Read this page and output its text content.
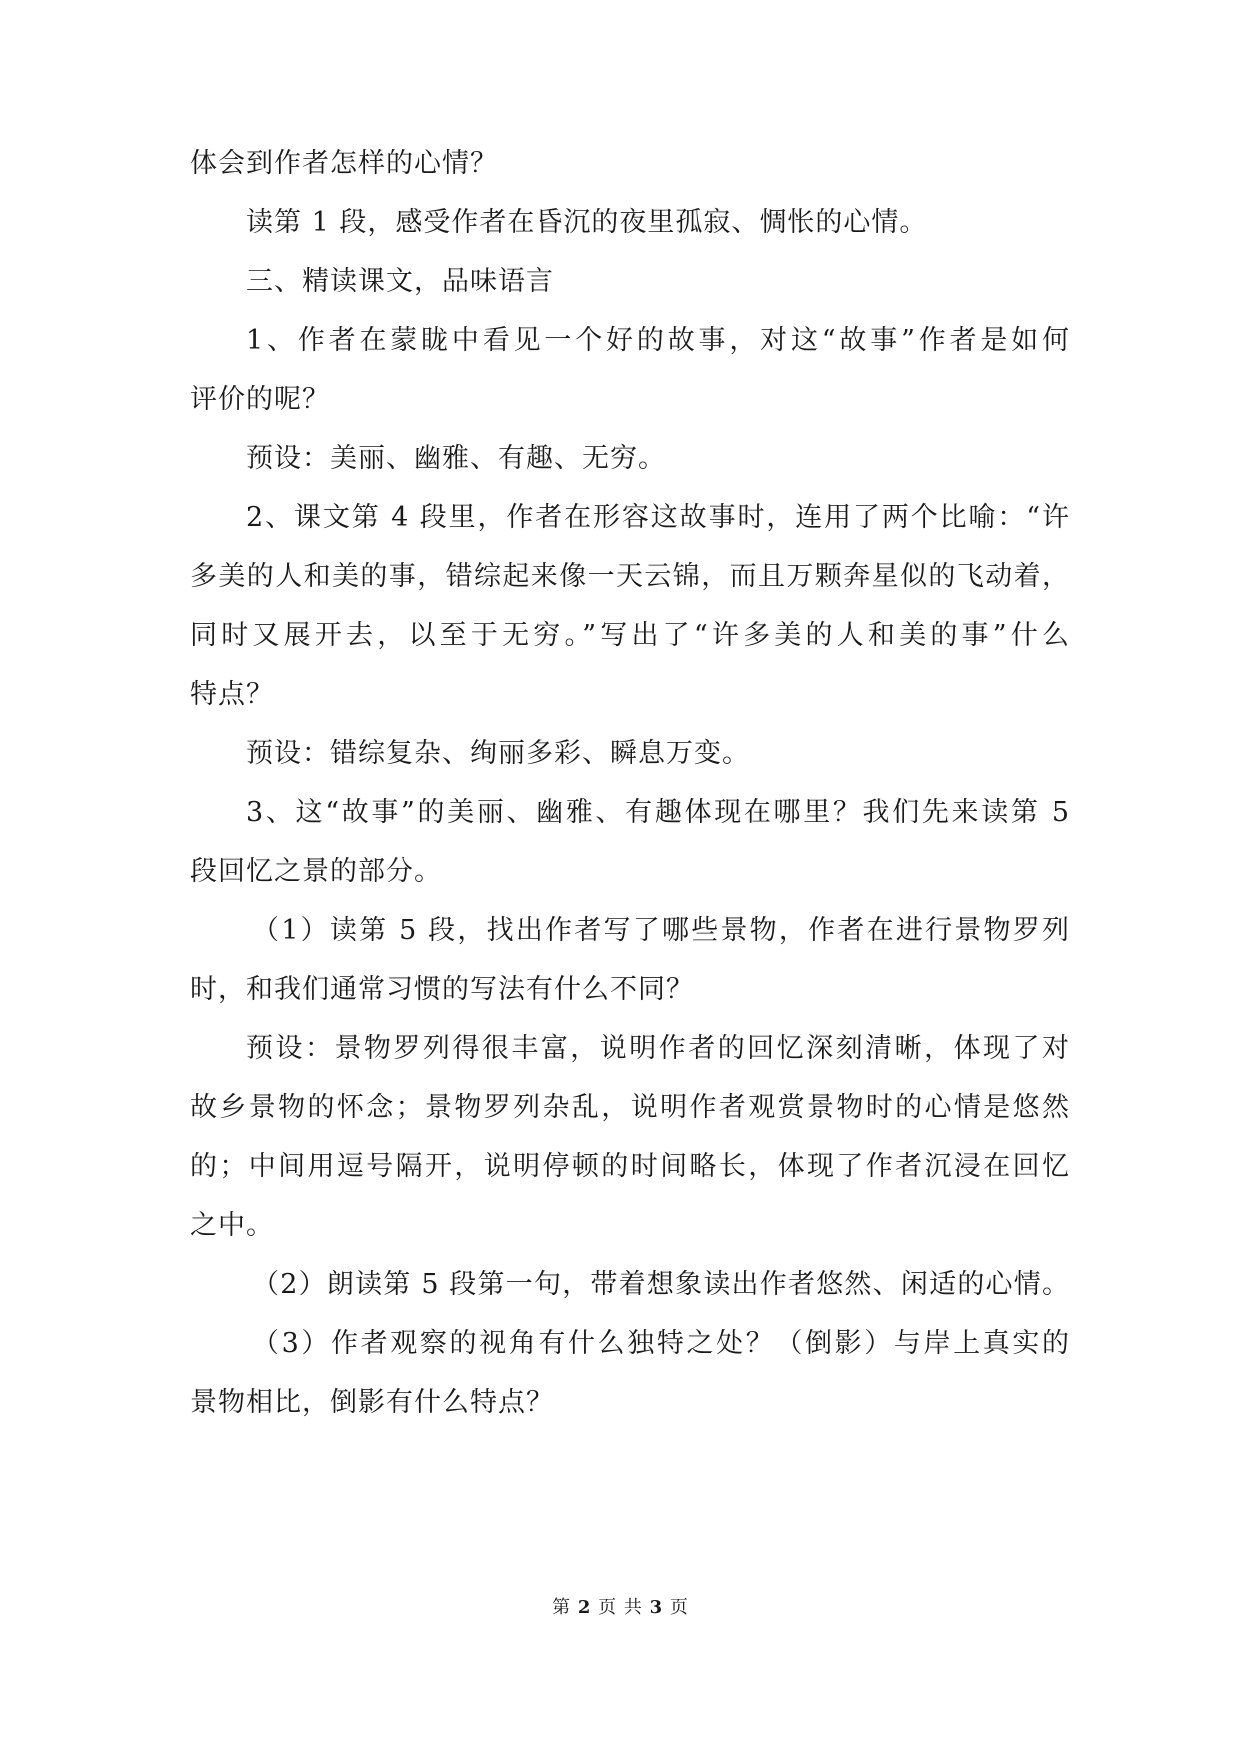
体会到作者怎样的心情？
读第 1 段，感受作者在昏沉的夜里孤寂、惆怅的心情。
三、精读课文，品味语言
1、作者在蒙眬中看见一个好的故事，对这“故事”作者是如何
评价的呢？
预设：美丽、幽雅、有趣、无穷。
2、课文第 4 段里，作者在形容这故事时，连用了两个比喻：“许
多美的人和美的事，错综起来像一天云锦，而且万颗奔星似的飞动着，
同时又展开去，以至于无穷。”写出了“许多美的人和美的事”什么
特点？
预设：错综复杂、绚丽多彩、瞬息万变。
3、这“故事”的美丽、幽雅、有趣体现在哪里？我们先来读第 5
段回忆之景的部分。
（1）读第 5 段，找出作者写了哪些景物，作者在进行景物罗列
时，和我们通常习惯的写法有什么不同？
预设：景物罗列得很丰富，说明作者的回忆深刻清晰，体现了对
故乡景物的怀念；景物罗列杂乱，说明作者观赏景物时的心情是悠然
的；中间用逗号隔开，说明停顿的时间略长，体现了作者沉浸在回忆
之中。
（2）朗读第 5 段第一句，带着想象读出作者悠然、闲适的心情。
（3）作者观察的视角有什么独特之处？（倒影）与岸上真实的
景物相比，倒影有什么特点？
第 2 页 共 3 页
